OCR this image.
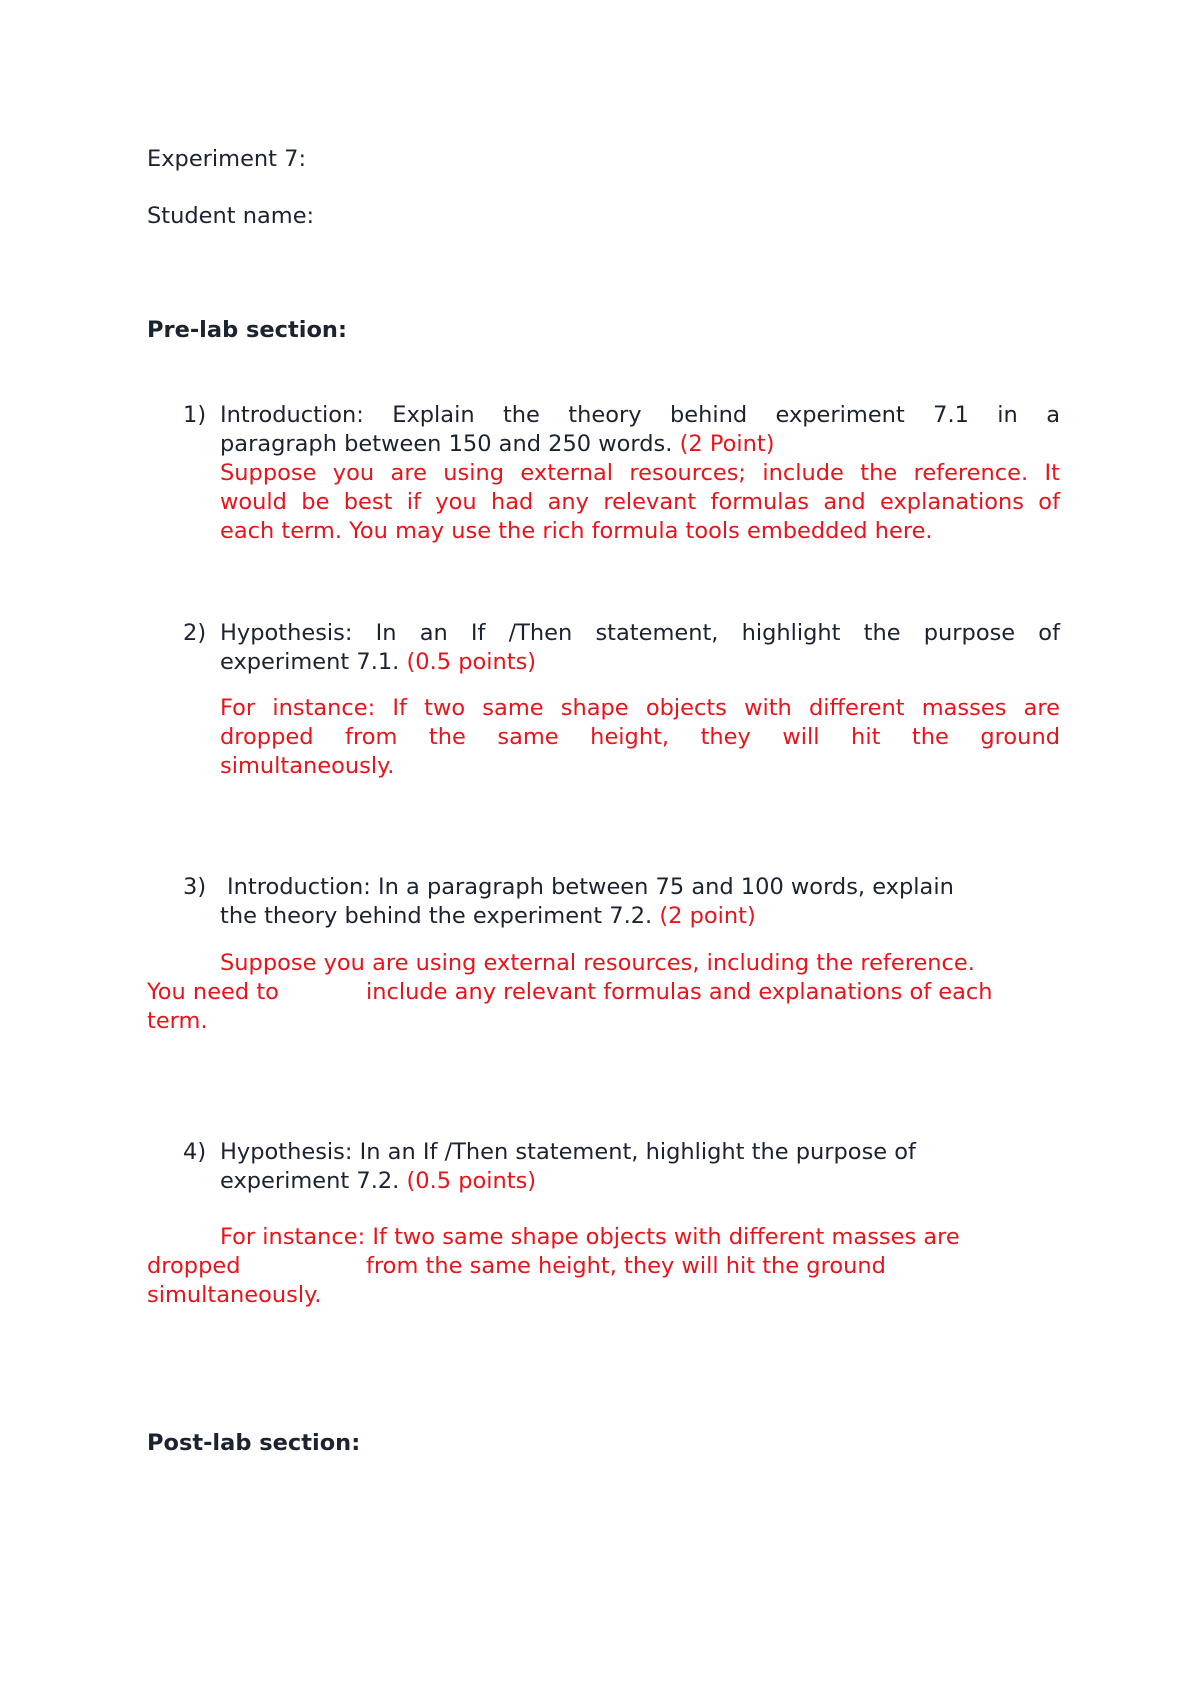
Experiment 7:
Student name:
Pre-lab section:
1) Introduction: Explain the theory behind experiment 7.1 in a
paragraph between 150 and 250 words. (2 Point)
Suppose you are using external resources; include the reference. It
would be best if you had any relevant formulas and explanations of
each term. You may use the rich formula tools embedded here.
2) Hypothesis: In an If /Then statement, highlight the purpose of
experiment 7.1. (0.5 points)
For instance: If two same shape objects with different masses are
dropped from the same height, they will hit the ground
simultaneously.
3) Introduction: In a paragraph between 75 and 100 words, explain
the theory behind the experiment 7.2. (2 point)
Suppose you are using external resources, including the reference.
You need to	include any relevant formulas and explanations of each
term.
4) Hypothesis: In an If /Then statement, highlight the purpose of
experiment 7.2. (0.5 points)
For instance: If two same shape objects with different masses are
dropped	from the same height, they will hit the ground
simultaneously.
Post-lab section:
